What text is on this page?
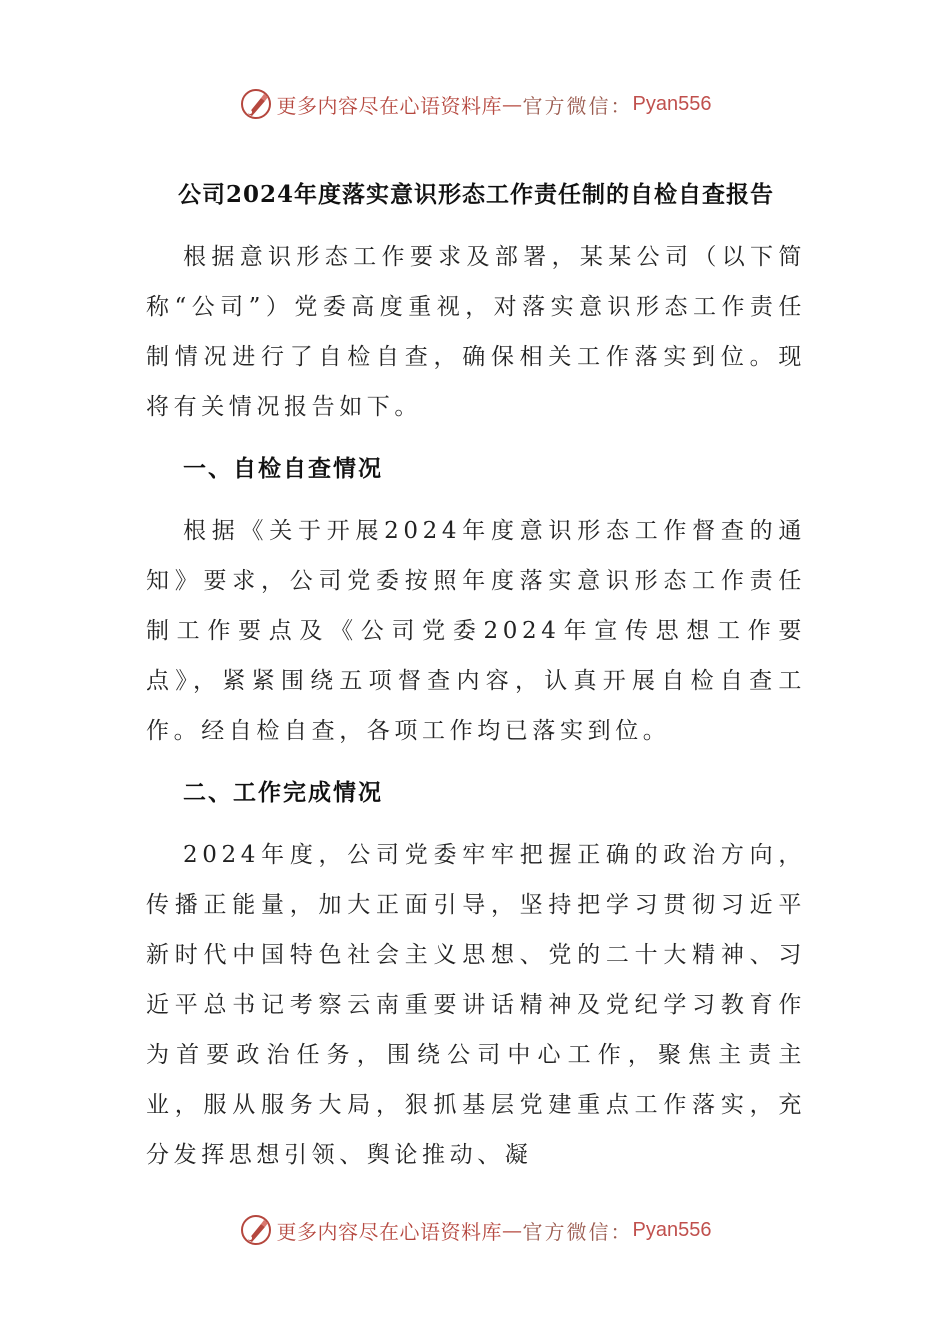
更多内容尽在心语资料库 — 官方微信： Pyan556
公司2024年度落实意识形态工作责任制的自检自查报告

根据意识形态工作要求及部署，某某公司（以下简称“公司”）党委高度重视，对落实意识形态工作责任制情况进行了自检自查，确保相关工作落实到位。现将有关情况报告如下。

一、自检自查情况

根据《关于开展2024年度意识形态工作督查的通知》要求，公司党委按照年度落实意识形态工作责任制工作要点及《公司党委2024年宣传思想工作要点》，紧紧围绕五项督查内容，认真开展自检自查工作。经自检自查，各项工作均已落实到位。

二、工作完成情况

2024年度，公司党委牢牢把握正确的政治方向，传播正能量，加大正面引导，坚持把学习贯彻习近平新时代中国特色社会主义思想、党的二十大精神、习近平总书记考察云南重要讲话精神及党纪学习教育作为首要政治任务，围绕公司中心工作，聚焦主责主业，服从服务大局，狠抓基层党建重点工作落实，充分发挥思想引领、舆论推动、凝

更多内容尽在心语资料库 — 官方微信： Pyan556
